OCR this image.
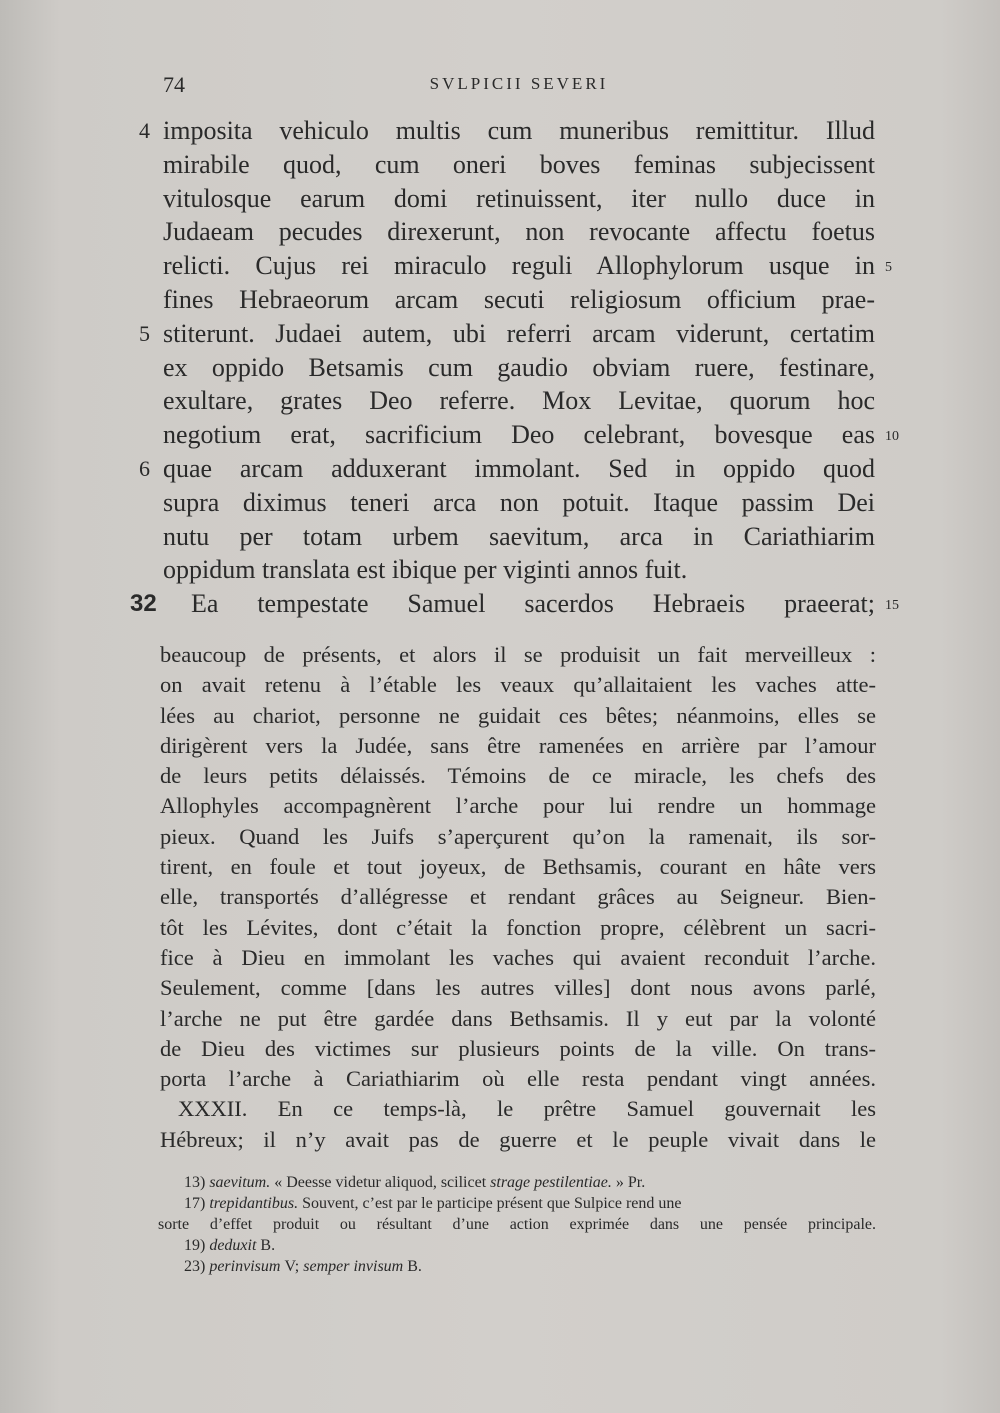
74	SVLPICII SEVERI
4 imposita vehiculo multis cum muneribus remittitur. Illud
mirabile quod, cum oneri boves feminas subjecissent
vitulosque earum domi retinuissent, iter nullo duce in
Judaeam pecudes direxerunt, non revocante affectu foetus
relicti. Cujus rei miraculo reguli Allophylorum usque in 5
fines Hebraeorum arcam secuti religiosum officium prae-
5 stiterunt. Judaei autem, ubi referri arcam viderunt, certatim
ex oppido Betsamis cum gaudio obviam ruere, festinare,
exultare, grates Deo referre. Mox Levitae, quorum hoc
negotium erat, sacrificium Deo celebrant, bovesque eas 10
6 quae arcam adduxerant immolant. Sed in oppido quod
supra diximus teneri arca non potuit. Itaque passim Dei
nutu per totam urbem saevitum, arca in Cariathiarim
oppidum translata est ibique per viginti annos fuit.
32	Ea tempestate Samuel sacerdos Hebraeis praeerat; 15
beaucoup de présents, et alors il se produisit un fait merveilleux :
on avait retenu à l’étable les veaux qu’allaitaient les vaches atte-
lées au chariot, personne ne guidait ces bêtes; néanmoins, elles se
dirigèrent vers la Judée, sans être ramenées en arrière par l’amour
de leurs petits délaissés. Témoins de ce miracle, les chefs des
Allophyles accompagnèrent l’arche pour lui rendre un hommage
pieux. Quand les Juifs s’aperçurent qu’on la ramenait, ils sor-
tirent, en foule et tout joyeux, de Bethsamis, courant en hâte vers
elle, transportés d’allégresse et rendant grâces au Seigneur. Bien-
tôt les Lévites, dont c’était la fonction propre, célèbrent un sacri-
fice à Dieu en immolant les vaches qui avaient reconduit l’arche.
Seulement, comme [dans les autres villes] dont nous avons parlé,
l’arche ne put être gardée dans Bethsamis. Il y eut par la volonté
de Dieu des victimes sur plusieurs points de la ville. On trans-
porta l’arche à Cariathiarim où elle resta pendant vingt années.
XXXII. En ce temps-là, le prêtre Samuel gouvernait les
Hébreux; il n’y avait pas de guerre et le peuple vivait dans le
13) saevitum. « Deesse videtur aliquod, scilicet strage pestilentiae. » Pr.
17) trepidantibus. Souvent, c’est par le participe présent que Sulpice rend une
sorte d’effet produit ou résultant d’une action exprimée dans une pensée principale.
19) deduxit B.
23) perinvisum V; semper invisum B.
